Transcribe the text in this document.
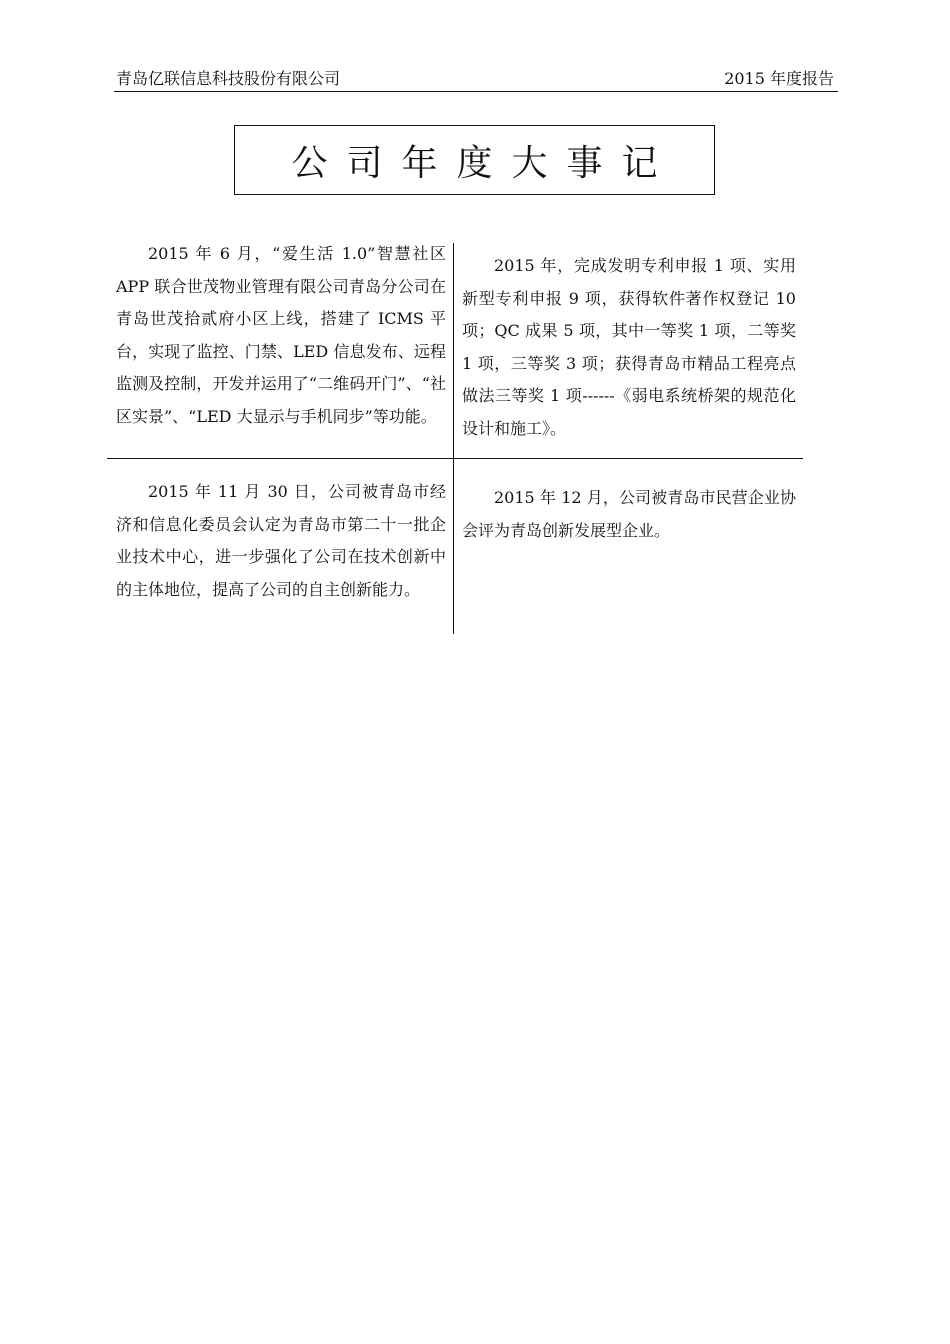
青岛亿联信息科技股份有限公司	2015 年度报告
公司年度大事记

2015 年 6 月，“爱生活 1.0”智慧社区 APP 联合世茂物业管理有限公司青岛分公司在青岛世茂拾贰府小区上线，搭建了 ICMS 平台，实现了监控、门禁、LED 信息发布、远程监测及控制，开发并运用了“二维码开门”、“社区实景”、“LED 大显示与手机同步”等功能。

2015 年，完成发明专利申报 1 项、实用新型专利申报 9 项，获得软件著作权登记 10 项；QC 成果 5 项，其中一等奖 1 项，二等奖 1 项，三等奖 3 项；获得青岛市精品工程亮点做法三等奖 1 项------《弱电系统桥架的规范化设计和施工》。

2015 年 11 月 30 日，公司被青岛市经济和信息化委员会认定为青岛市第二十一批企业技术中心，进一步强化了公司在技术创新中的主体地位，提高了公司的自主创新能力。

2015 年 12 月，公司被青岛市民营企业协会评为青岛创新发展型企业。
